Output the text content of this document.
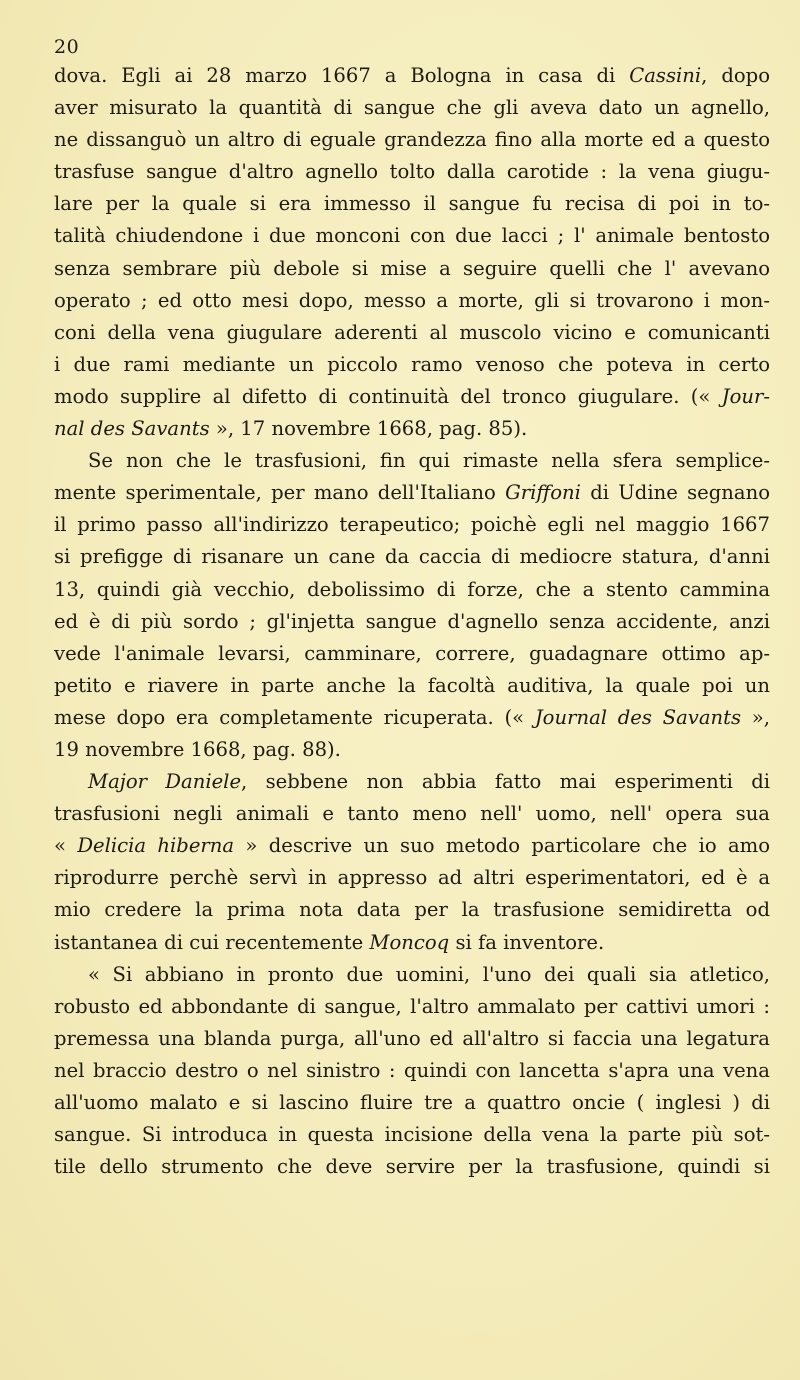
20
dova. Egli ai 28 marzo 1667 a Bologna in casa di Cassini, dopo
aver misurato la quantità di sangue che gli aveva dato un agnello,
ne dissanguò un altro di eguale grandezza fino alla morte ed a questo
trasfuse sangue d'altro agnello tolto dalla carotide : la vena giugu-
lare per la quale si era immesso il sangue fu recisa di poi in to-
talità chiudendone i due monconi con due lacci ; l' animale bentosto
senza sembrare più debole si mise a seguire quelli che l' avevano
operato ; ed otto mesi dopo, messo a morte, gli si trovarono i mon-
coni della vena giugulare aderenti al muscolo vicino e comunicanti
i due rami mediante un piccolo ramo venoso che poteva in certo
modo supplire al difetto di continuità del tronco giugulare. (« Jour-
nal des Savants », 17 novembre 1668, pag. 85).
Se non che le trasfusioni, fin qui rimaste nella sfera semplice-
mente sperimentale, per mano dell'Italiano Griffoni di Udine segnano
il primo passo all'indirizzo terapeutico; poichè egli nel maggio 1667
si prefigge di risanare un cane da caccia di mediocre statura, d'anni
13, quindi già vecchio, debolissimo di forze, che a stento cammina
ed è di più sordo ; gl'injetta sangue d'agnello senza accidente, anzi
vede l'animale levarsi, camminare, correre, guadagnare ottimo ap-
petito e riavere in parte anche la facoltà auditiva, la quale poi un
mese dopo era completamente ricuperata. (« Journal des Savants »,
19 novembre 1668, pag. 88).
Major Daniele, sebbene non abbia fatto mai esperimenti di
trasfusioni negli animali e tanto meno nell' uomo, nell' opera sua
« Delicia hiberna » descrive un suo metodo particolare che io amo
riprodurre perchè servì in appresso ad altri esperimentatori, ed è a
mio credere la prima nota data per la trasfusione semidiretta od
istantanea di cui recentemente Moncoq si fa inventore.
« Si abbiano in pronto due uomini, l'uno dei quali sia atletico,
robusto ed abbondante di sangue, l'altro ammalato per cattivi umori :
premessa una blanda purga, all'uno ed all'altro si faccia una legatura
nel braccio destro o nel sinistro : quindi con lancetta s'apra una vena
all'uomo malato e si lascino fluire tre a quattro oncie ( inglesi ) di
sangue. Si introduca in questa incisione della vena la parte più sot-
tile dello strumento che deve servire per la trasfusione, quindi si
